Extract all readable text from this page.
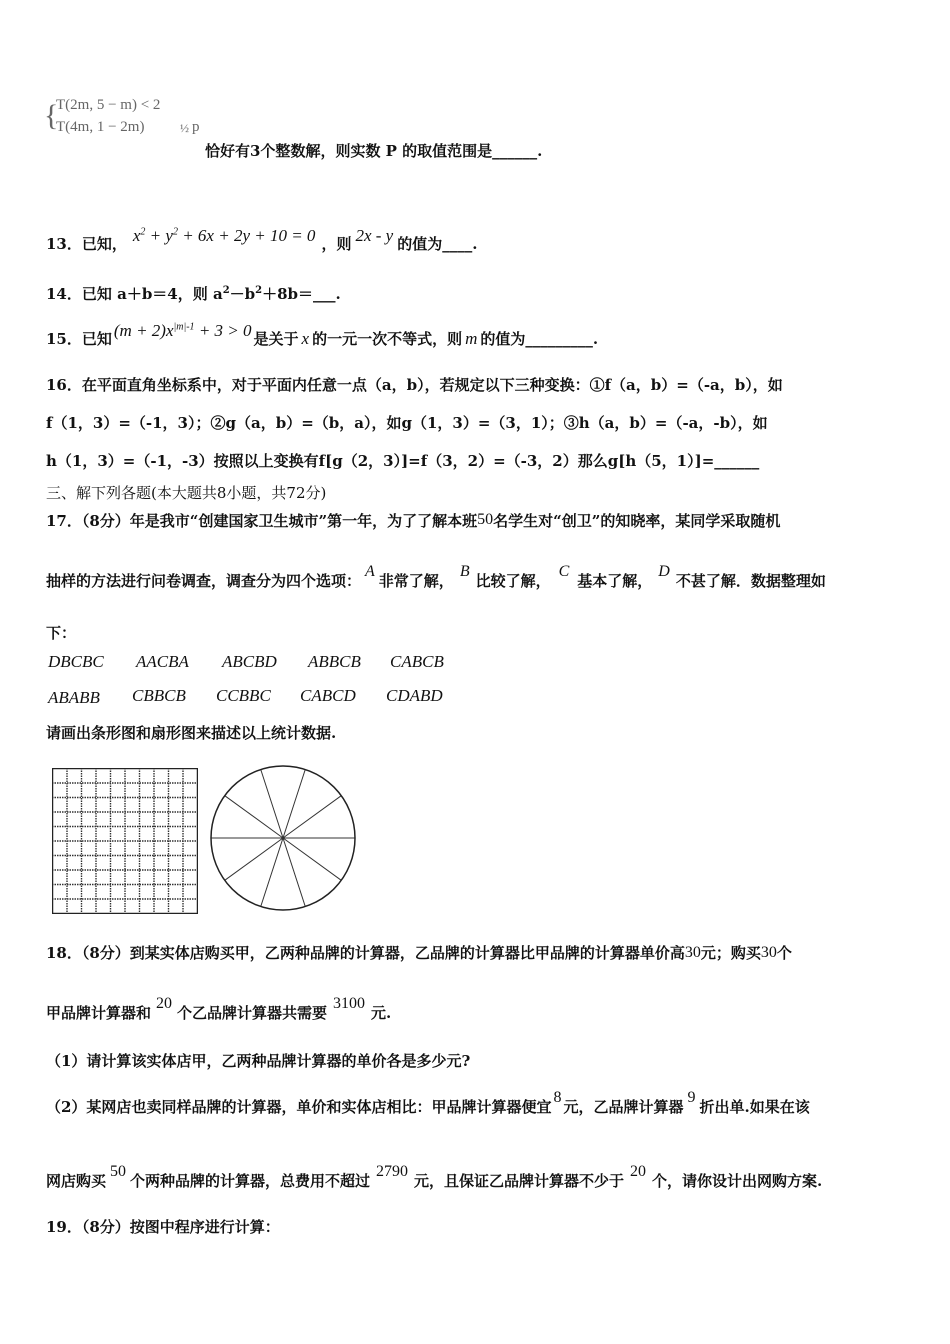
{
T(2m, 5 − m) < 2
T(4m, 1 − 2m)	½ p
恰好有3个整数解，则实数 P 的取值范围是______.
13．已知， $x^2 + y^2 + 6x + 2y + 10 = 0$ ，则 2x - y 的值为____.
14．已知 a＋b＝4，则 $a^2-b^2+8b=\_\_\_$.
15．已知 $(m + 2)x^{|m|-1} + 3 > 0$ 是关于 x 的一元一次不等式，则 m 的值为_________.
16．在平面直角坐标系中，对于平面内任意一点（a，b），若规定以下三种变换：①f（a，b）=（-a，b），如
f（1，3）=（-1，3）；②g（a，b）=（b，a），如g（1，3）=（3，1）；③h（a，b）=（-a，-b），如
h（1，3）=（-1，-3）按照以上变换有f[g（2，3）]=f（3，2）=（-3，2）那么g[h（5，1）]=______
三、解下列各题(本大题共8小题，共72分)
17．（8分）年是我市“创建国家卫生城市”第一年，为了了解本班50名学生对“创卫”的知晓率，某同学采取随机
抽样的方法进行问卷调查，调查分为四个选项：A非常了解，B比较了解，C基本了解，D不甚了解．数据整理如
下：
DBCBC AACBA ABCBD ABBCB CABCB
ABABB CBBCB CCBBC CABCD CDABD
请画出条形图和扇形图来描述以上统计数据.
18．（8分）到某实体店购买甲，乙两种品牌的计算器，乙品牌的计算器比甲品牌的计算器单价高30元；购买30个
甲品牌计算器和20个乙品牌计算器共需要3100元.
（1）请计算该实体店甲，乙两种品牌计算器的单价各是多少元?
（2）某网店也卖同样品牌的计算器，单价和实体店相比：甲品牌计算器便宜8元，乙品牌计算器9折出单.如果在该
网店购买50个两种品牌的计算器，总费用不超过2790元，且保证乙品牌计算器不少于20个，请你设计出网购方案.
19．（8分）按图中程序进行计算：
